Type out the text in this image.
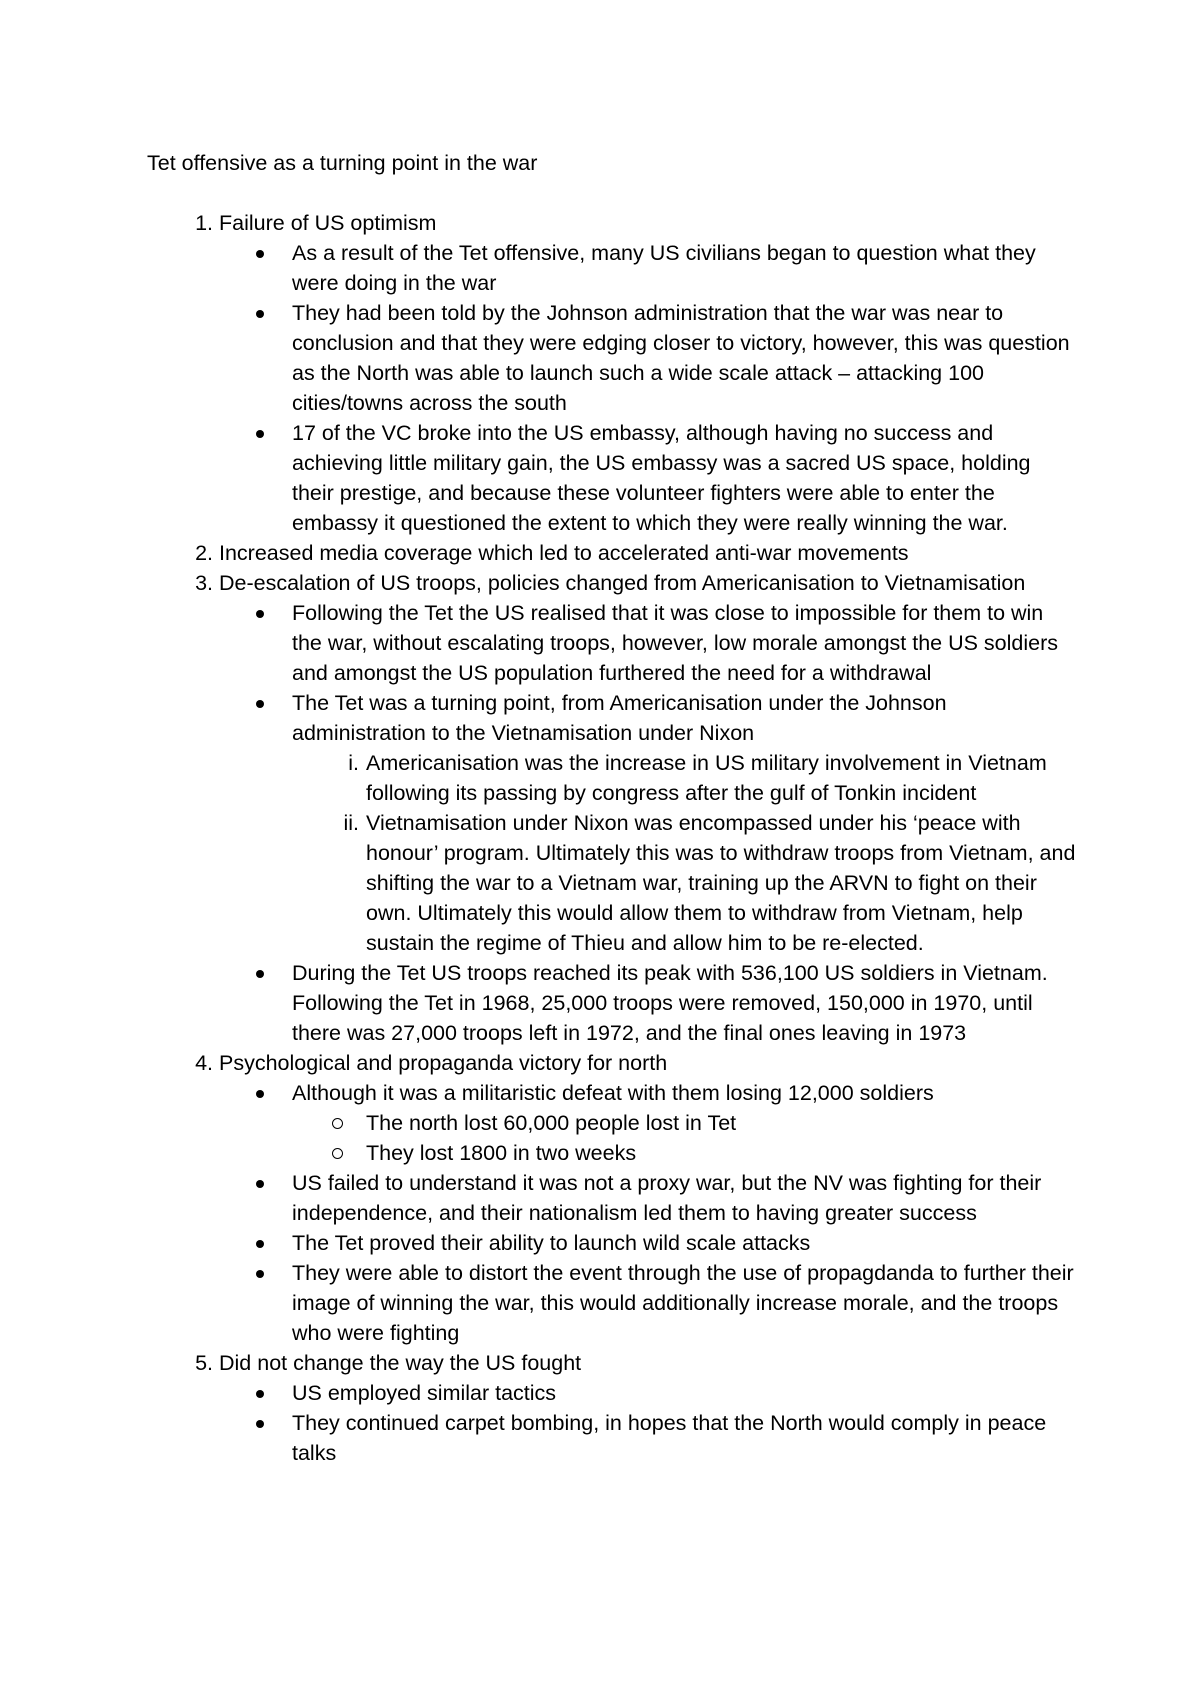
Tet offensive as a turning point in the war
1. Failure of US optimism
As a result of the Tet offensive, many US civilians began to question what they were doing in the war
They had been told by the Johnson administration that the war was near to conclusion and that they were edging closer to victory, however, this was question as the North was able to launch such a wide scale attack – attacking 100 cities/towns across the south
17 of the VC broke into the US embassy, although having no success and achieving little military gain, the US embassy was a sacred US space, holding their prestige, and because these volunteer fighters were able to enter the embassy it questioned the extent to which they were really winning the war.
2. Increased media coverage which led to accelerated anti-war movements
3. De-escalation of US troops, policies changed from Americanisation to Vietnamisation
Following the Tet the US realised that it was close to impossible for them to win the war, without escalating troops, however, low morale amongst the US soldiers and amongst the US population furthered the need for a withdrawal
The Tet was a turning point, from Americanisation under the Johnson administration to the Vietnamisation under Nixon
i. Americanisation was the increase in US military involvement in Vietnam following its passing by congress after the gulf of Tonkin incident
ii. Vietnamisation under Nixon was encompassed under his ‘peace with honour’ program. Ultimately this was to withdraw troops from Vietnam, and shifting the war to a Vietnam war, training up the ARVN to fight on their own. Ultimately this would allow them to withdraw from Vietnam, help sustain the regime of Thieu and allow him to be re-elected.
During the Tet US troops reached its peak with 536,100 US soldiers in Vietnam. Following the Tet in 1968, 25,000 troops were removed, 150,000 in 1970, until there was 27,000 troops left in 1972, and the final ones leaving in 1973
4. Psychological and propaganda victory for north
Although it was a militaristic defeat with them losing 12,000 soldiers
The north lost 60,000 people lost in Tet
They lost 1800 in two weeks
US failed to understand it was not a proxy war, but the NV was fighting for their independence, and their nationalism led them to having greater success
The Tet proved their ability to launch wild scale attacks
They were able to distort the event through the use of propagdanda to further their image of winning the war, this would additionally increase morale, and the troops who were fighting
5. Did not change the way the US fought
US employed similar tactics
They continued carpet bombing, in hopes that the North would comply in peace talks
